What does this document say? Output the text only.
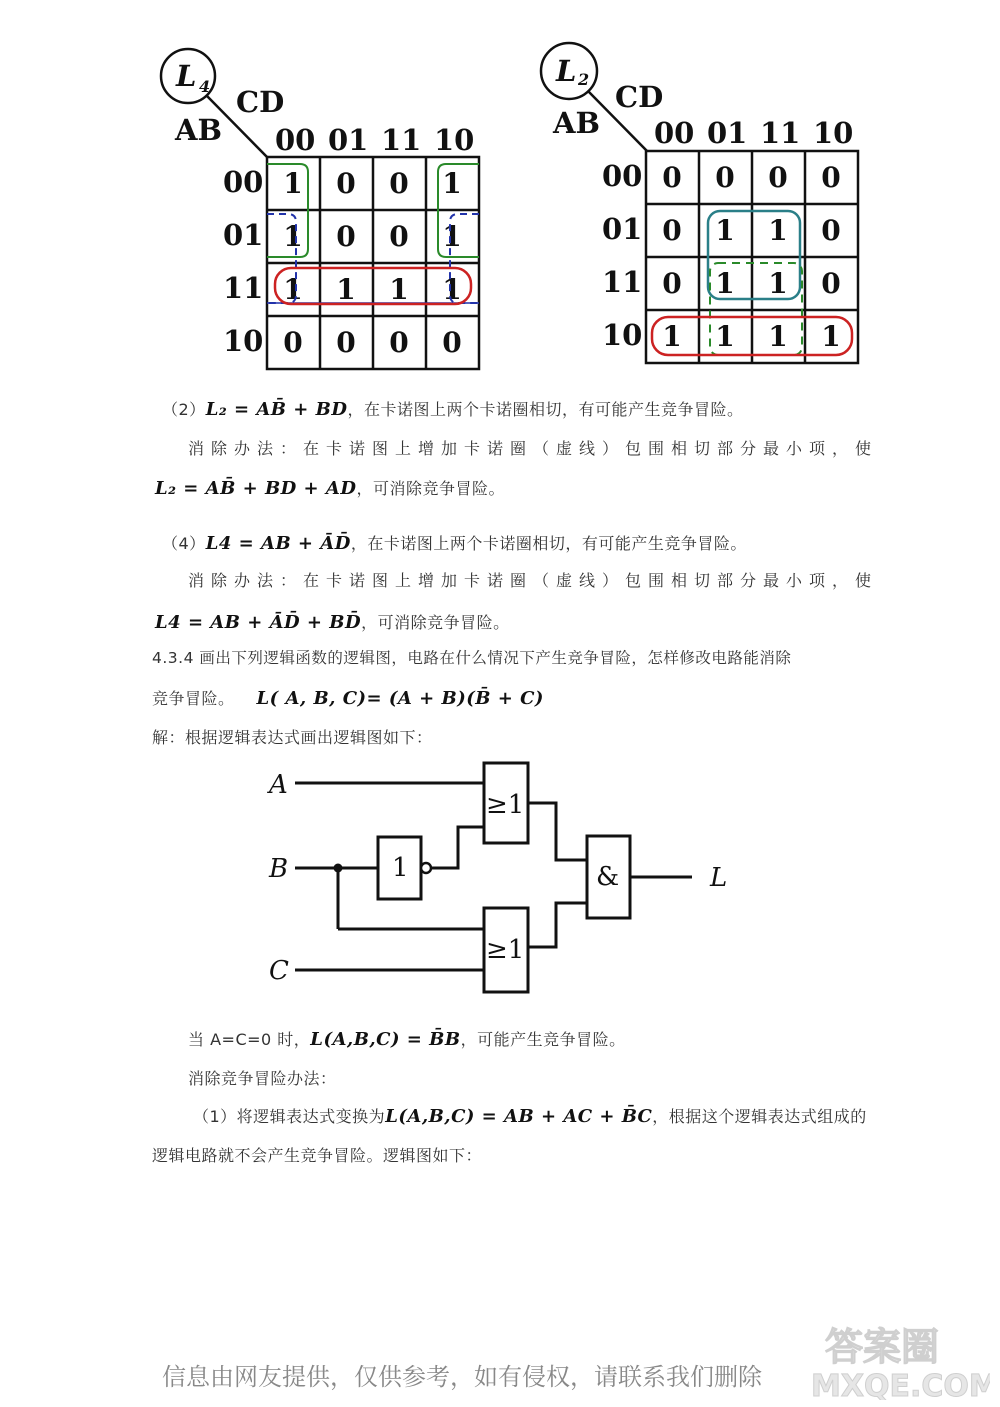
L 4 CD
AB 00 01 11 10
00
01
11
10
1 0 0 1
1 0 0 1
1 1 1 1
0 0 0 0
L 2
CD
AB 00 01 11 10
00
01
11
10
0 0 0 0
0 1 1 0
0 1 1 0
1 1 1 1
（2）L₂ = AB̄ + BD，在卡诺图上两个卡诺圈相切，有可能产生竞争冒险。
消除办法：在卡诺图上增加卡诺圈（虚线）包围相切部分最小项，使
L₂ = AB̄ + BD + AD，可消除竞争冒险。
（4）L4 = AB + ĀD̄，在卡诺图上两个卡诺圈相切，有可能产生竞争冒险。
消除办法：在卡诺图上增加卡诺圈（虚线）包围相切部分最小项，使
L4 = AB + ĀD̄ + BD̄，可消除竞争冒险。
4.3.4 画出下列逻辑函数的逻辑图，电路在什么情况下产生竞争冒险，怎样修改电路能消除
竞争冒险。 L( A, B, C)= (A + B)(B̄ + C)
解：根据逻辑表达式画出逻辑图如下：
≥1
1
≥1
&
A
B
C
L
当 A=C=0 时，L(A,B,C) = B̄B，可能产生竞争冒险。
消除竞争冒险办法：
（1）将逻辑表达式变换为L(A,B,C) = AB + AC + B̄C，根据这个逻辑表达式组成的
逻辑电路就不会产生竞争冒险。逻辑图如下：
信息由网友提供，仅供参考，如有侵权，请联系我们删除
答案圈
MXQE.COM
